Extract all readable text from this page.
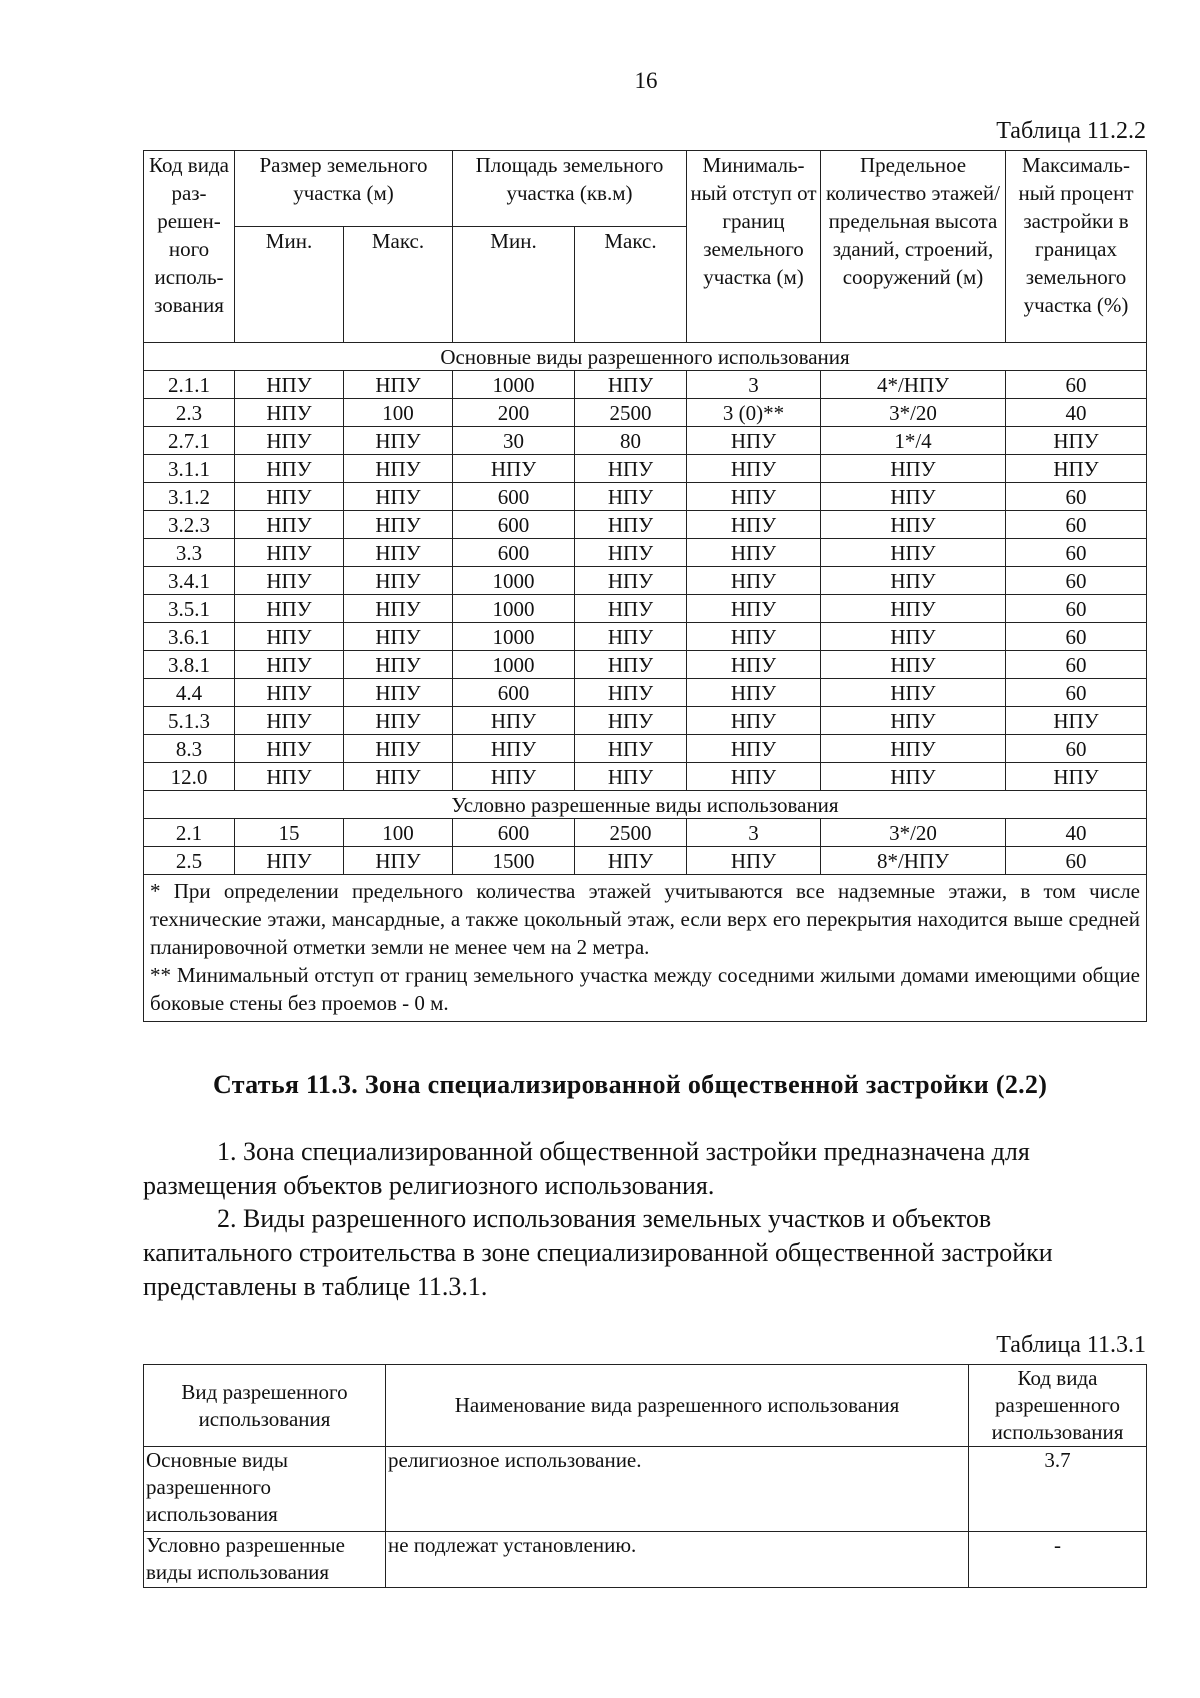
16
Таблица 11.2.2
Код вида раз- решен- ного исполь- зования	Размер земельного участка (м)		Площадь земельного участка (кв.м)		Минималь- ный отступ от границ земельного участка (м)	Предельное количество этажей/ предельная высота зданий, строений, сооружений (м)	Максималь- ный процент застройки в границах земельного участка (%)
	Мин.	Макс.	Мин.	Макс.			
Основные виды разрешенного использования							
2.1.1	НПУ	НПУ	1000	НПУ	3	4*/НПУ	60
2.3	НПУ	100	200	2500	3 (0)**	3*/20	40
2.7.1	НПУ	НПУ	30	80	НПУ	1*/4	НПУ
3.1.1	НПУ	НПУ	НПУ	НПУ	НПУ	НПУ	НПУ
3.1.2	НПУ	НПУ	600	НПУ	НПУ	НПУ	60
3.2.3	НПУ	НПУ	600	НПУ	НПУ	НПУ	60
3.3	НПУ	НПУ	600	НПУ	НПУ	НПУ	60
3.4.1	НПУ	НПУ	1000	НПУ	НПУ	НПУ	60
3.5.1	НПУ	НПУ	1000	НПУ	НПУ	НПУ	60
3.6.1	НПУ	НПУ	1000	НПУ	НПУ	НПУ	60
3.8.1	НПУ	НПУ	1000	НПУ	НПУ	НПУ	60
4.4	НПУ	НПУ	600	НПУ	НПУ	НПУ	60
5.1.3	НПУ	НПУ	НПУ	НПУ	НПУ	НПУ	НПУ
8.3	НПУ	НПУ	НПУ	НПУ	НПУ	НПУ	60
12.0	НПУ	НПУ	НПУ	НПУ	НПУ	НПУ	НПУ
Условно разрешенные виды использования							
2.1	15	100	600	2500	3	3*/20	40
2.5	НПУ	НПУ	1500	НПУ	НПУ	8*/НПУ	60

* При определении предельного количества этажей учитываются все надземные этажи, в том числе технические этажи, мансардные, а также цокольный этаж, если верх его перекрытия находится выше средней планировочной отметки земли не менее чем на 2 метра.
** Минимальный отступ от границ земельного участка между соседними жилыми домами имеющими общие боковые стены без проемов - 0 м.							
Статья 11.3. Зона специализированной общественной застройки (2.2)
1. Зона специализированной общественной застройки предназначена для размещения объектов религиозного использования.
2. Виды разрешенного использования земельных участков и объектов капитального строительства в зоне специализированной общественной застройки представлены в таблице 11.3.1.
Таблица 11.3.1
Вид разрешенного использования	Наименование вида разрешенного использования	Код вида разрешенного использования
Основные виды разрешенного использования	религиозное использование.	3.7
Условно разрешенные виды использования	не подлежат установлению.	-
